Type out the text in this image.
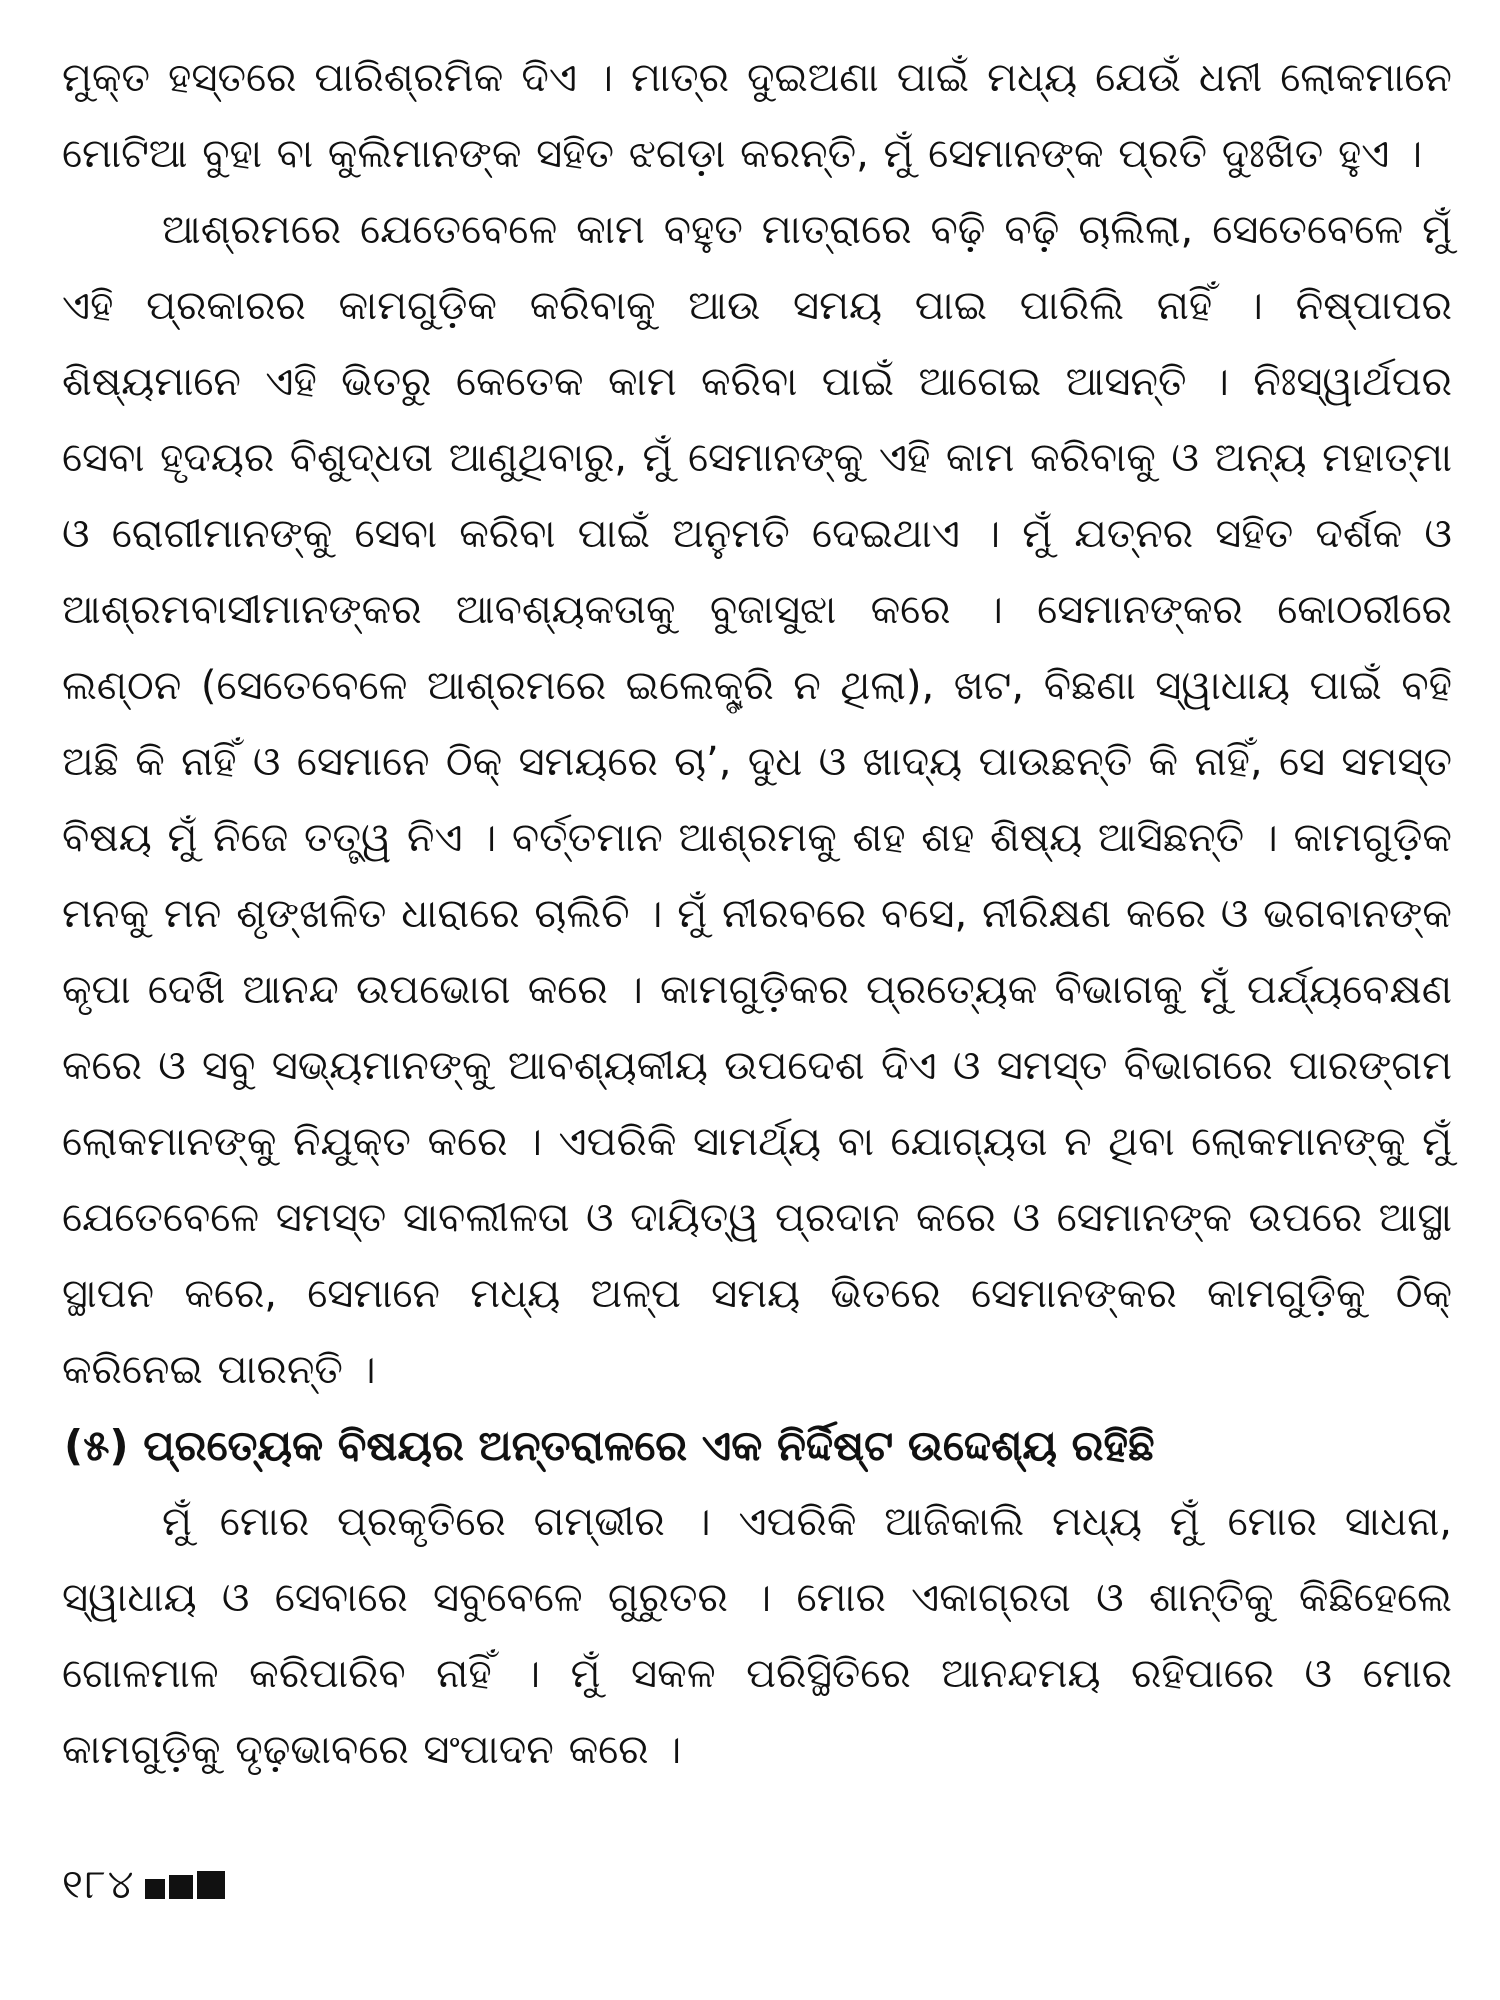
ମୁକ୍ତ ହସ୍ତରେ ପାରିଶ୍ରମିକ ଦିଏ । ମାତ୍ର ଦୁଇଅଣା ପାଇଁ ମଧ୍ୟ ଯେଉଁ ଧନୀ ଲୋକମାନେ ମୋଟିଆ ବୁହା ବା କୁଲିମାନଙ୍କ ସହିତ ଝଗଡ଼ା କରନ୍ତି, ମୁଁ ସେମାନଙ୍କ ପ୍ରତି ଦୁଃଖିତ ହୁଏ ।

ଆଶ୍ରମରେ ଯେତେବେଳେ କାମ ବହୁତ ମାତ୍ରାରେ ବଢ଼ି ବଢ଼ି ଚାଲିଲା, ସେତେବେଳେ ମୁଁ ଏହି ପ୍ରକାରର କାମଗୁଡ଼ିକ କରିବାକୁ ଆଉ ସମୟ ପାଇ ପାରିଲି ନାହିଁ । ନିଷ୍ପାପର ଶିଷ୍ୟମାନେ ଏହି ଭିତରୁ କେତେକ କାମ କରିବା ପାଇଁ ଆଗେଇ ଆସନ୍ତି । ନିଃସ୍ୱାର୍ଥପର ସେବା ହୃଦୟର ବିଶୁଦ୍ଧତା ଆଣୁଥିବାରୁ, ମୁଁ ସେମାନଙ୍କୁ ଏହି କାମ କରିବାକୁ ଓ ଅନ୍ୟ ମହାତ୍ମା ଓ ରୋଗୀମାନଙ୍କୁ ସେବା କରିବା ପାଇଁ ଅନୁମତି ଦେଇଥାଏ । ମୁଁ ଯତ୍ନର ସହିତ ଦର୍ଶକ ଓ ଆଶ୍ରମବାସୀମାନଙ୍କର ଆବଶ୍ୟକତାକୁ ବୁଜାସୁଝା କରେ । ସେମାନଙ୍କର କୋଠରୀରେ ଲଣ୍ଠନ (ସେତେବେଳେ ଆଶ୍ରମରେ ଇଲେକ୍ଟ୍ରି ନ ଥିଲା), ଖଟ, ବିଛଣା ସ୍ୱାଧାୟ ପାଇଁ ବହି ଅଛି କି ନାହିଁ ଓ ସେମାନେ ଠିକ୍ ସମୟରେ ଚା’, ଦୁଧ ଓ ଖାଦ୍ୟ ପାଉଛନ୍ତି କି ନାହିଁ, ସେ ସମସ୍ତ ବିଷୟ ମୁଁ ନିଜେ ତତ୍ତ୍ୱ ନିଏ । ବର୍ତ୍ତମାନ ଆଶ୍ରମକୁ ଶହ ଶହ ଶିଷ୍ୟ ଆସିଛନ୍ତି । କାମଗୁଡ଼ିକ ମନକୁ ମନ ଶୃଙ୍ଖଳିତ ଧାରାରେ ଚାଲିଚି । ମୁଁ ନୀରବରେ ବସେ, ନୀରିକ୍ଷଣ କରେ ଓ ଭଗବାନଙ୍କ କୃପା ଦେଖି ଆନନ୍ଦ ଉପଭୋଗ କରେ । କାମଗୁଡ଼ିକର ପ୍ରତ୍ୟେକ ବିଭାଗକୁ ମୁଁ ପର୍ଯ୍ୟବେକ୍ଷଣ କରେ ଓ ସବୁ ସଭ୍ୟମାନଙ୍କୁ ଆବଶ୍ୟକୀୟ ଉପଦେଶ ଦିଏ ଓ ସମସ୍ତ ବିଭାଗରେ ପାରଙ୍ଗମ ଲୋକମାନଙ୍କୁ ନିଯୁକ୍ତ କରେ । ଏପରିକି ସାମର୍ଥ୍ୟ ବା ଯୋଗ୍ୟତା ନ ଥିବା ଲୋକମାନଙ୍କୁ ମୁଁ ଯେତେବେଳେ ସମସ୍ତ ସାବଲୀଳତା ଓ ଦାୟିତ୍ୱ ପ୍ରଦାନ କରେ ଓ ସେମାନଙ୍କ ଉପରେ ଆସ୍ଥା ସ୍ଥାପନ କରେ, ସେମାନେ ମଧ୍ୟ ଅଳ୍ପ ସମୟ ଭିତରେ ସେମାନଙ୍କର କାମଗୁଡ଼ିକୁ ଠିକ୍ କରିନେଇ ପାରନ୍ତି ।

(୫) ପ୍ରତ୍ୟେକ ବିଷୟର ଅନ୍ତରାଳରେ ଏକ ନିର୍ଦ୍ଦିଷ୍ଟ ଉଦ୍ଦେଶ୍ୟ ରହିଛି

ମୁଁ ମୋର ପ୍ରକୃତିରେ ଗମ୍ଭୀର । ଏପରିକି ଆଜିକାଲି ମଧ୍ୟ ମୁଁ ମୋର ସାଧନା, ସ୍ୱାଧାୟ ଓ ସେବାରେ ସବୁବେଳେ ଗୁରୁତର । ମୋର ଏକାଗ୍ରତା ଓ ଶାନ୍ତିକୁ କିଛିହେଲେ ଗୋଳମାଳ କରିପାରିବ ନାହିଁ । ମୁଁ ସକଳ ପରିସ୍ଥିତିରେ ଆନନ୍ଦମୟ ରହିପାରେ ଓ ମୋର କାମଗୁଡ଼ିକୁ ଦୃଢ଼ଭାବରେ ସଂପାଦନ କରେ ।

୧୮୪
